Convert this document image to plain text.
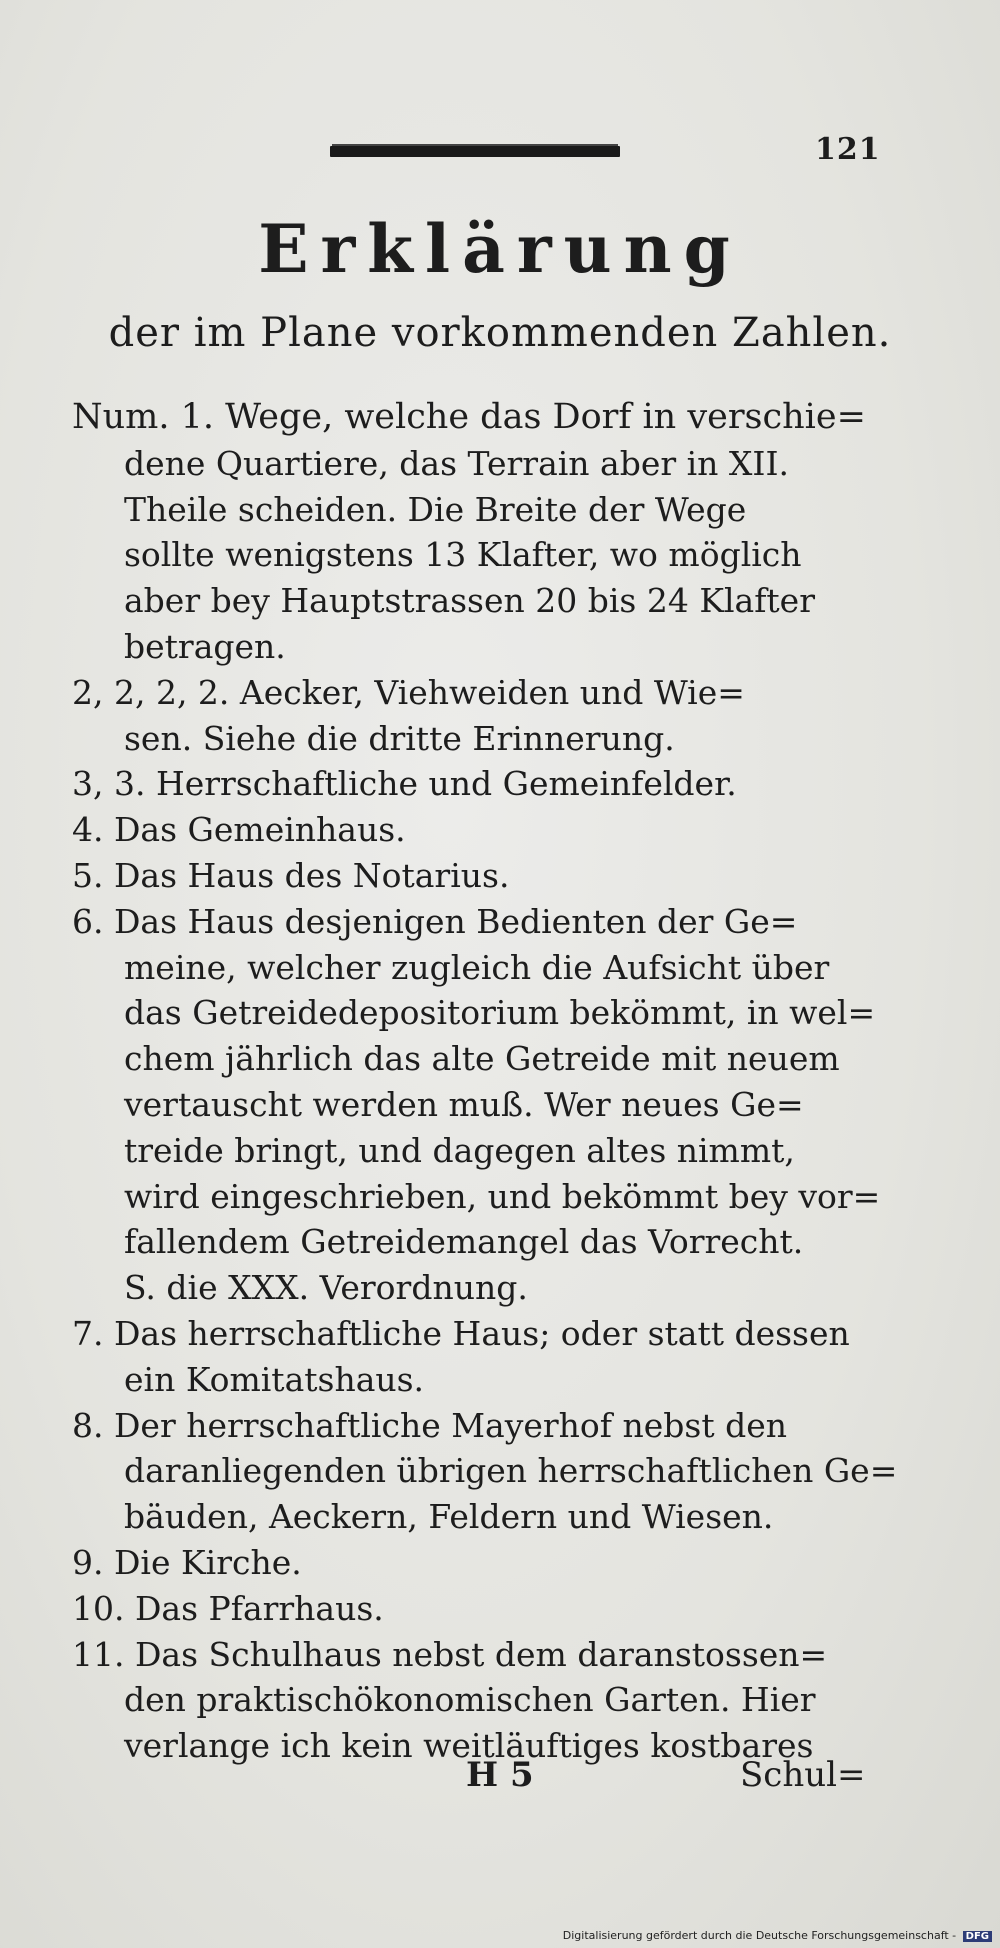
121
Erklärung
der im Plane vorkommenden Zahlen.
Num. 1. Wege, welche das Dorf in verschie=
dene Quartiere, das Terrain aber in XII.
Theile scheiden. Die Breite der Wege
sollte wenigstens 13 Klafter, wo möglich
aber bey Hauptstrassen 20 bis 24 Klafter
betragen.
2, 2, 2, 2. Aecker, Viehweiden und Wie=
sen. Siehe die dritte Erinnerung.
3, 3. Herrschaftliche und Gemeinfelder.
4. Das Gemeinhaus.
5. Das Haus des Notarius.
6. Das Haus desjenigen Bedienten der Ge=
meine, welcher zugleich die Aufsicht über
das Getreidedepositorium bekömmt, in wel=
chem jährlich das alte Getreide mit neuem
vertauscht werden muß. Wer neues Ge=
treide bringt, und dagegen altes nimmt,
wird eingeschrieben, und bekömmt bey vor=
fallendem Getreidemangel das Vorrecht.
S. die XXX. Verordnung.
7. Das herrschaftliche Haus; oder statt dessen
ein Komitatshaus.
8. Der herrschaftliche Mayerhof nebst den
daranliegenden übrigen herrschaftlichen Ge=
bäuden, Aeckern, Feldern und Wiesen.
9. Die Kirche.
10. Das Pfarrhaus.
11. Das Schulhaus nebst dem daranstossen=
den praktischökonomischen Garten. Hier
verlange ich kein weitläuftiges kostbares
H 5	Schul=
Digitalisierung gefördert durch die Deutsche Forschungsgemeinschaft - DFG
